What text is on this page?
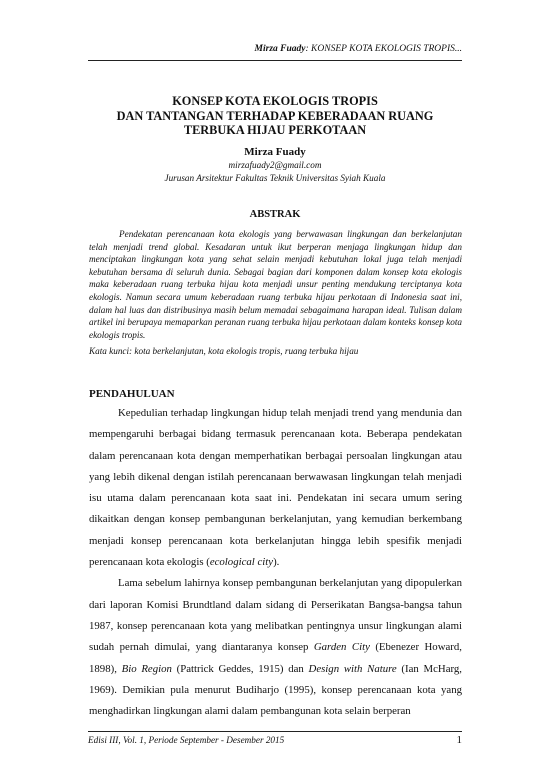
Mirza Fuady: KONSEP KOTA EKOLOGIS TROPIS...
KONSEP KOTA EKOLOGIS TROPIS
DAN TANTANGAN TERHADAP KEBERADAAN RUANG
TERBUKA HIJAU PERKOTAAN
Mirza Fuady
mirzafuady2@gmail.com
Jurusan Arsitektur Fakultas Teknik Universitas Syiah Kuala
ABSTRAK
Pendekatan perencanaan kota ekologis yang berwawasan lingkungan dan berkelanjutan telah menjadi trend global. Kesadaran untuk ikut berperan menjaga lingkungan hidup dan menciptakan lingkungan kota yang sehat selain menjadi kebutuhan lokal juga telah menjadi kebutuhan bersama di seluruh dunia. Sebagai bagian dari komponen dalam konsep kota ekologis maka keberadaan ruang terbuka hijau kota menjadi unsur penting mendukung terciptanya kota ekologis. Namun secara umum keberadaan ruang terbuka hijau perkotaan di Indonesia saat ini, dalam hal luas dan distribusinya masih belum memadai sebagaimana harapan ideal. Tulisan dalam artikel ini berupaya memaparkan peranan ruang terbuka hijau perkotaan dalam konteks konsep kota ekologis tropis.
Kata kunci: kota berkelanjutan, kota ekologis tropis, ruang terbuka hijau
PENDAHULUAN

Kepedulian terhadap lingkungan hidup telah menjadi trend yang mendunia dan mempengaruhi berbagai bidang termasuk perencanaan kota. Beberapa pendekatan dalam perencanaan kota dengan memperhatikan berbagai persoalan lingkungan atau yang lebih dikenal dengan istilah perencanaan berwawasan lingkungan telah menjadi isu utama dalam perencanaan kota saat ini. Pendekatan ini secara umum sering dikaitkan dengan konsep pembangunan berkelanjutan, yang kemudian berkembang menjadi konsep perencanaan kota berkelanjutan hingga lebih spesifik menjadi perencanaan kota ekologis (ecological city).

Lama sebelum lahirnya konsep pembangunan berkelanjutan yang dipopulerkan dari laporan Komisi Brundtland dalam sidang di Perserikatan Bangsa-bangsa tahun 1987, konsep perencanaan kota yang melibatkan pentingnya unsur lingkungan alami sudah pernah dimulai, yang diantaranya konsep Garden City (Ebenezer Howard, 1898), Bio Region (Pattrick Geddes, 1915) dan Design with Nature (Ian McHarg, 1969). Demikian pula menurut Budiharjo (1995), konsep perencanaan kota yang menghadirkan lingkungan alami dalam pembangunan kota selain berperan

Edisi III, Vol. 1, Periode September - Desember 2015	1
